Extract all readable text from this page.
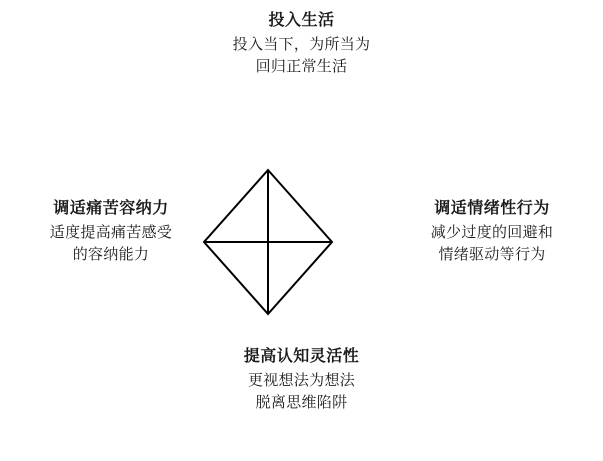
投入生活
投入当下，为所当为
回归正常生活
调适情绪性行为
减少过度的回避和
情绪驱动等行为
提高认知灵活性
更视想法为想法
脱离思维陷阱
调适痛苦容纳力
适度提高痛苦感受
的容纳能力
